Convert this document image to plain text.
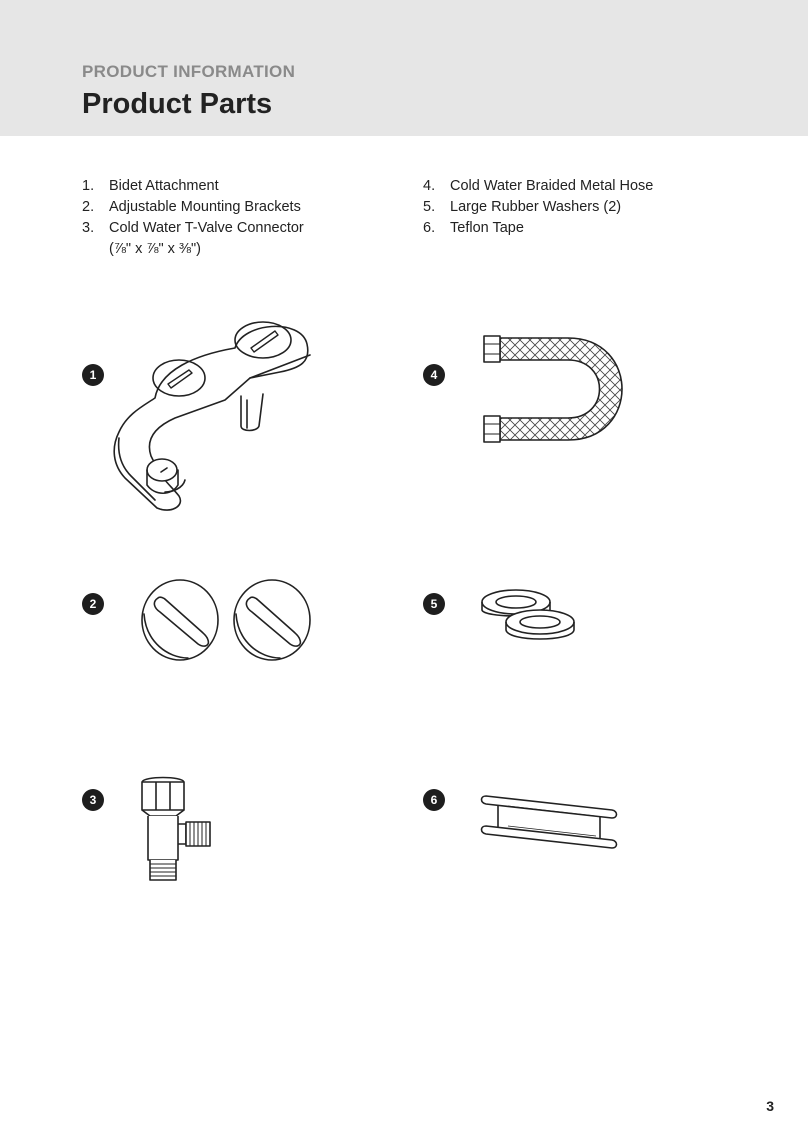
PRODUCT INFORMATION
Product Parts
1. Bidet Attachment
2. Adjustable Mounting Brackets
3. Cold Water T-Valve Connector
(⅞" x ⅞" x ⅜")
4. Cold Water Braided Metal Hose
5. Large Rubber Washers (2)
6. Teflon Tape
1
2
3
4
5
6
3
